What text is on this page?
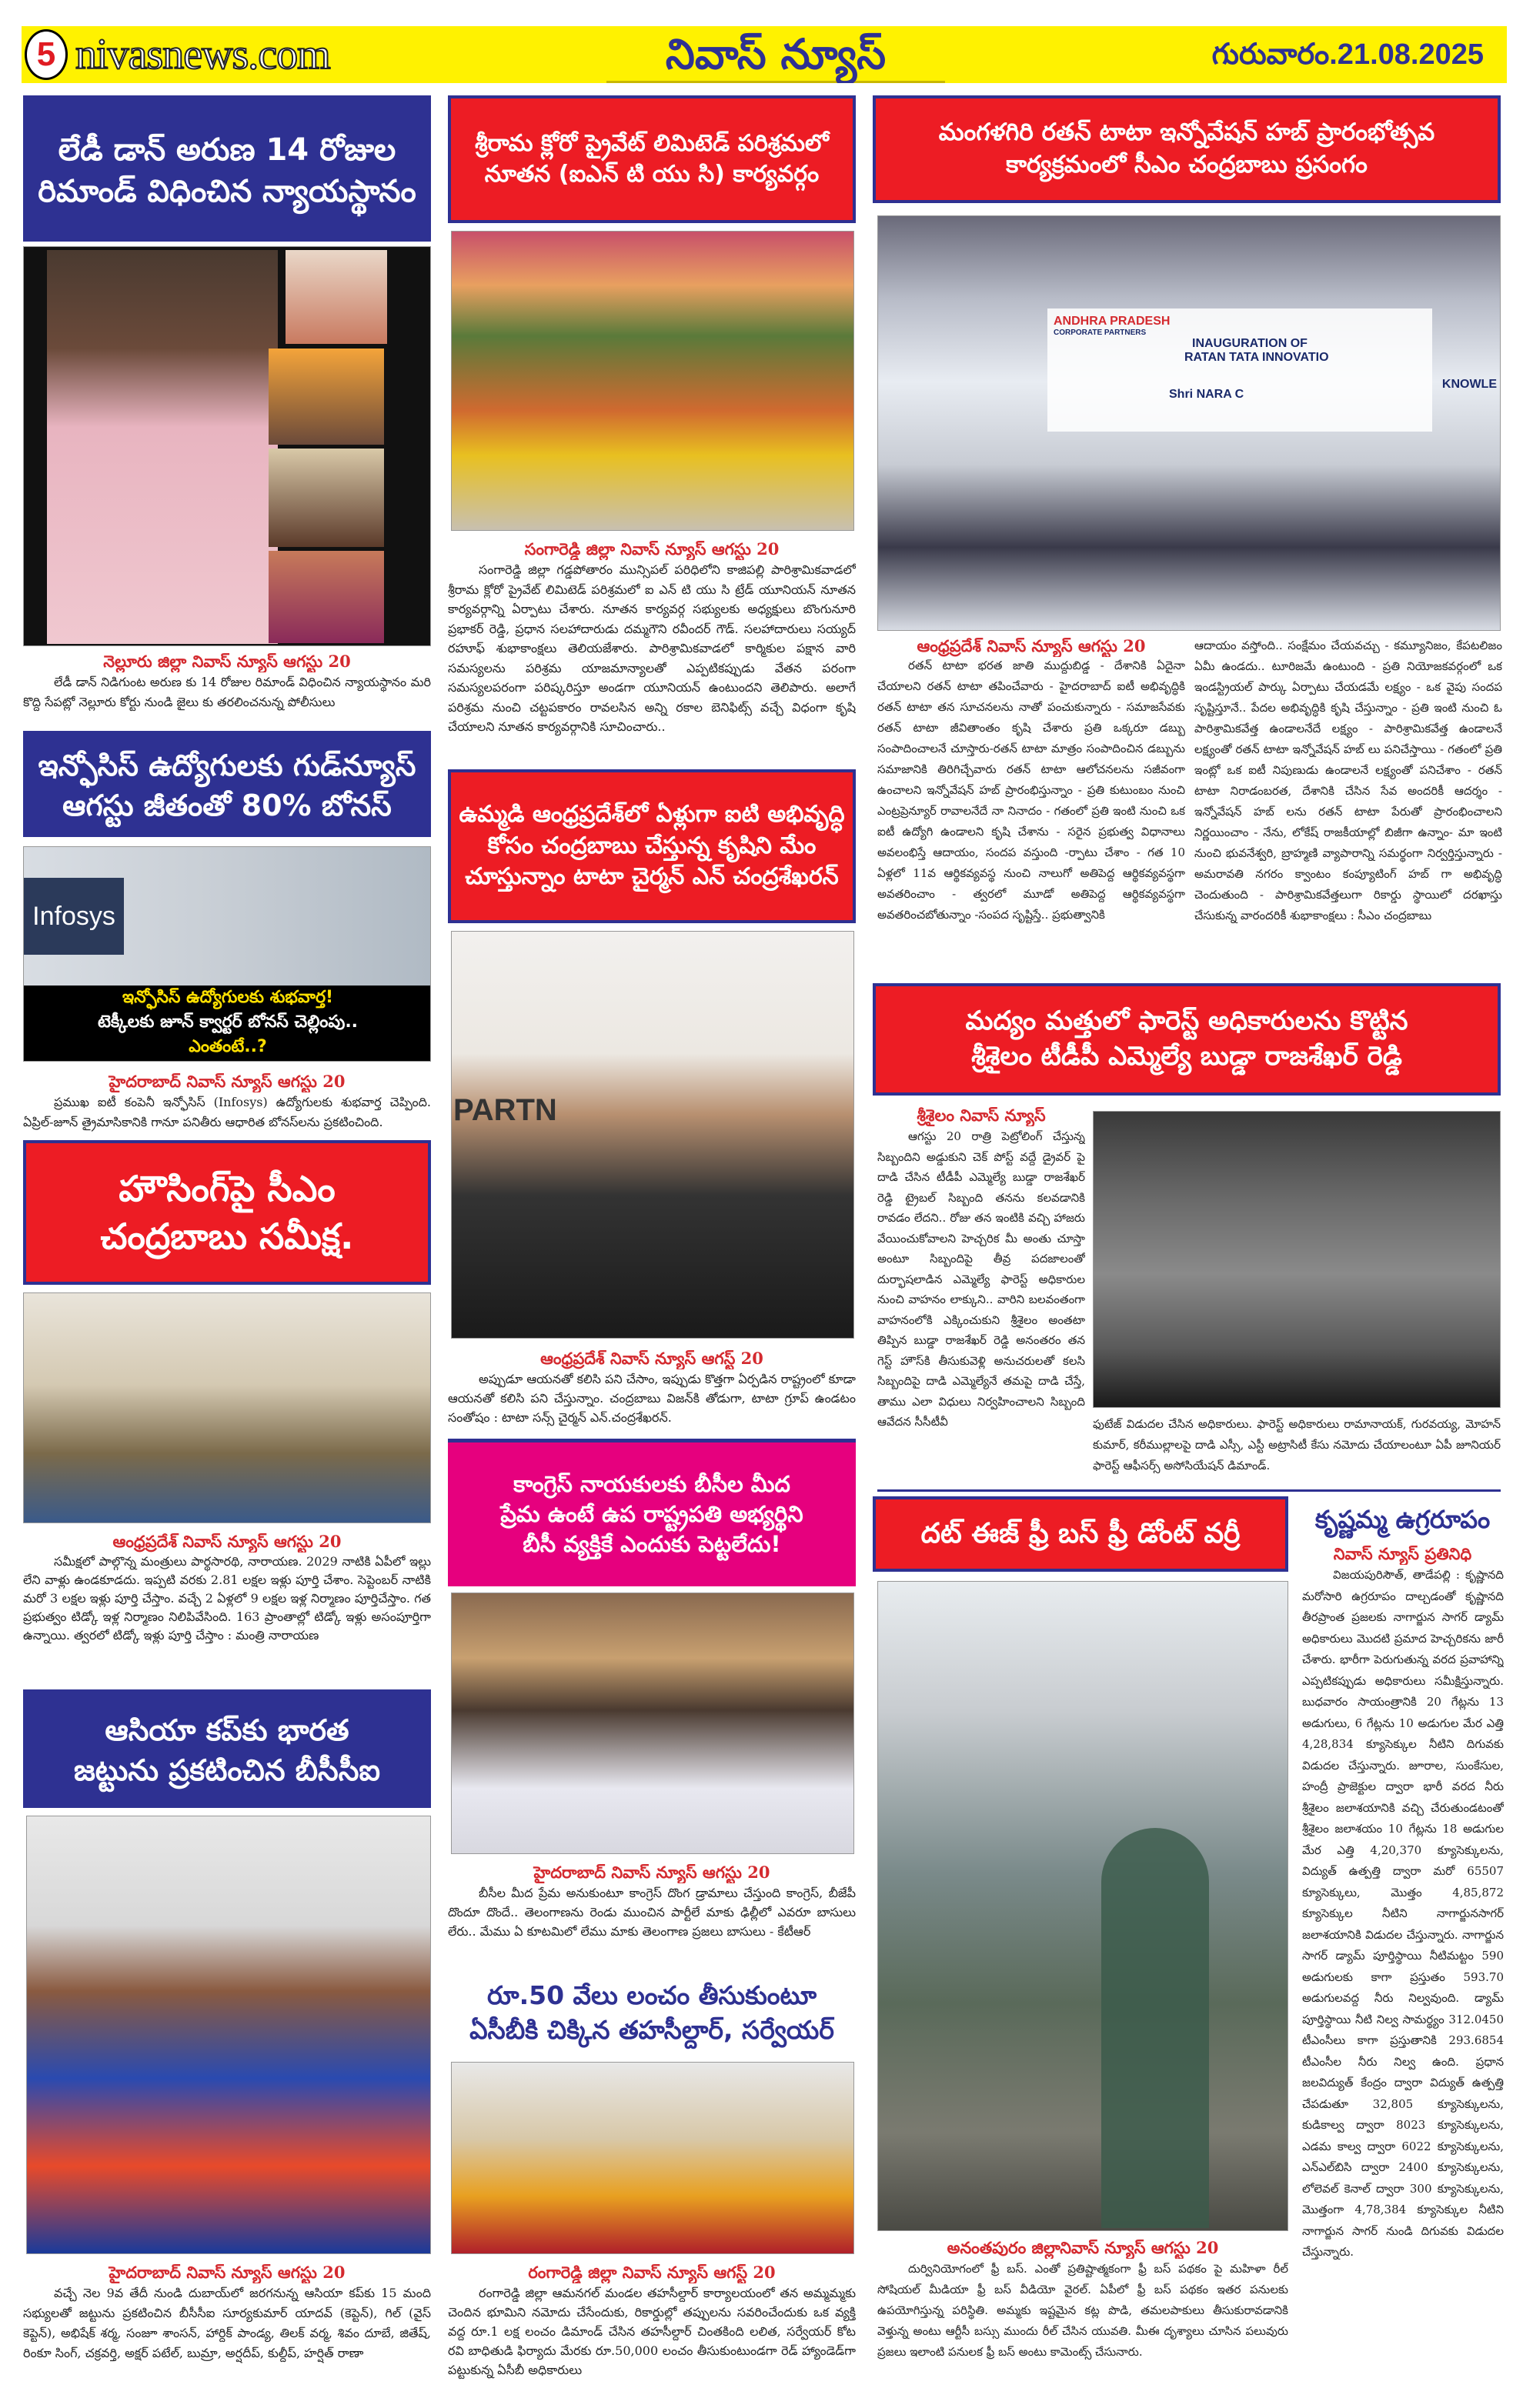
5 nivasnews.com	నివాస్ న్యూస్	గురువారం.21.08.2025
లేడీ డాన్ అరుణ 14 రోజుల
రిమాండ్ విధించిన న్యాయస్థానం
నెల్లూరు జిల్లా నివాస్ న్యూస్ ఆగస్టు 20
లేడీ డాన్ నిడిగుంట అరుణ కు 14 రోజుల రిమాండ్ విధించిన న్యాయస్థానం మరి కొద్ది సేపట్లో నెల్లూరు కోర్టు నుండి జైలు కు తరలించనున్న పోలీసులు
ఇన్ఫోసిస్ ఉద్యోగులకు గుడ్‌న్యూస్
ఆగస్టు జీతంతో 80% బోనస్
Infosys
ఇన్ఫోసిస్ ఉద్యోగులకు శుభవార్త!
టెక్కీలకు జూన్ క్వార్టర్ బోనస్ చెల్లింపు..
ఎంతంటే..?
హైదరాబాద్ నివాస్ న్యూస్ ఆగస్టు 20
ప్రముఖ ఐటీ కంపెనీ ఇన్ఫోసిస్ (Infosys) ఉద్యోగులకు శుభవార్త చెప్పింది. ఏప్రిల్-జూన్ త్రైమాసికానికి గానూ పనితీరు ఆధారిత బోనస్‌లను ప్రకటించింది.
హౌసింగ్‌పై సీఎం
చంద్రబాబు సమీక్ష.
ఆంధ్రప్రదేశ్ నివాస్ న్యూస్ ఆగస్టు 20
సమీక్షలో పాల్గొన్న మంత్రులు పార్థసారథి, నారాయణ. 2029 నాటికి ఏపీలో ఇల్లు లేని వాళ్లు ఉండకూడదు. ఇప్పటి వరకు 2.81 లక్షల ఇళ్లు పూర్తి చేశాం. సెప్టెంబర్ నాటికి మరో 3 లక్షల ఇళ్లు పూర్తి చేస్తాం. వచ్చే 2 ఏళ్లలో 9 లక్షల ఇళ్ల నిర్మాణం పూర్తిచేస్తాం. గత ప్రభుత్వం టిడ్కో ఇళ్ల నిర్మాణం నిలిపివేసింది. 163 ప్రాంతాల్లో టిడ్కో ఇళ్లు అసంపూర్తిగా ఉన్నాయి. త్వరలో టిడ్కో ఇళ్లు పూర్తి చేస్తాం : మంత్రి నారాయణ
ఆసియా కప్‌కు భారత
జట్టును ప్రకటించిన బీసీసీఐ
హైదరాబాద్ నివాస్ న్యూస్ ఆగస్టు 20
వచ్చే నెల 9వ తేదీ నుండి దుబాయ్‌లో జరగనున్న ఆసియా కప్‌కు 15 మంది సభ్యులతో జట్టును ప్రకటించిన బీసీసీఐ సూర్యకుమార్ యాదవ్ (కెప్టెన్), గిల్ (వైస్ కెప్టెన్), అభిషేక్ శర్మ, సంజూ శాంసన్, హార్దిక్ పాండ్య, తిలక్ వర్మ, శివం దూబే, జితేష్, రింకూ సింగ్, చక్రవర్తి, అక్షర్ పటేల్, బుమ్రా, అర్షదీప్, కుల్దీప్, హర్షిత్ రాణా
శ్రీరామ క్లోరో ప్రైవేట్ లిమిటెడ్ పరిశ్రమలో
నూతన (ఐఎన్ టి యు సి) కార్యవర్గం
సంగారెడ్డి జిల్లా నివాస్ న్యూస్ ఆగస్టు 20
సంగారెడ్డి జిల్లా గడ్డపోతారం మున్సిపల్ పరిధిలోని కాజిపల్లి పారిశ్రామికవాడలో శ్రీరామ క్లోరో ప్రైవేట్ లిమిటెడ్ పరిశ్రమలో ఐ ఎన్ టి యు సి ట్రేడ్ యూనియన్ నూతన కార్యవర్గాన్ని ఏర్పాటు చేశారు. నూతన కార్యవర్గ సభ్యులకు అధ్యక్షులు బొంగునూరి ప్రభాకర్ రెడ్డి, ప్రధాన సలహాదారుడు దమ్మగౌని రవీందర్ గౌడ్. సలహాదారులు సయ్యద్ రహూఫ్ శుభాకాంక్షలు తెలియజేశారు. పారిశ్రామికవాడలో కార్మికుల పక్షాన వారి సమస్యలను పరిశ్రమ యాజమాన్యాలతో ఎప్పటికప్పుడు వేతన పరంగా సమస్యలపరంగా పరిష్కరిస్తూ అండగా యూనియన్ ఉంటుందని తెలిపారు. అలాగే పరిశ్రమ నుంచి చట్టపకారం రావలసిన అన్ని రకాల బెనిఫిట్స్ వచ్చే విధంగా కృషి చేయాలని నూతన కార్యవర్గానికి సూచించారు..
ఉమ్మడి ఆంధ్రప్రదేశ్‌లో ఏళ్లుగా ఐటి అభివృద్ధి
కోసం చంద్రబాబు చేస్తున్న కృషిని మేం
చూస్తున్నాం టాటా చైర్మన్ ఎన్ చంద్రశేఖరన్
PARTN
ఆంధ్రప్రదేశ్ నివాస్ న్యూస్ ఆగస్ట్ 20
అప్పుడూ ఆయనతో కలిసి పని చేసాం, ఇప్పుడు కొత్తగా ఏర్పడిన రాష్ట్రంలో కూడా ఆయనతో కలిసి పని చేస్తున్నాం. చంద్రబాబు విజన్‌కి తోడుగా, టాటా గ్రూప్ ఉండటం సంతోషం : టాటా సన్స్ చైర్మన్ ఎన్.చంద్రశేఖరన్.
కాంగ్రెస్ నాయకులకు బీసీల మీద
ప్రేమ ఉంటే ఉప రాష్ట్రపతి అభ్యర్థిని
బీసీ వ్యక్తికే ఎందుకు పెట్టలేదు!
హైదరాబాద్ నివాస్ న్యూస్ ఆగస్టు 20
బీసీల మీద ప్రేమ అనుకుంటూ కాంగ్రెస్ దొంగ డ్రామాలు చేస్తుంది కాంగ్రెస్, బీజేపీ దొందూ దొందే.. తెలంగాణను రెండు ముంచిన పార్టీలే మాకు ఢిల్లీలో ఎవరూ బాసులు లేరు.. మేము ఏ కూటమిలో లేము మాకు తెలంగాణ ప్రజలు బాసులు - కేటీఆర్
రూ.50 వేలు లంచం తీసుకుంటూ
ఏసీబీకి చిక్కిన తహసీల్దార్, సర్వేయర్
రంగారెడ్డి జిల్లా నివాస్ న్యూస్ ఆగస్ట్ 20
రంగారెడ్డి జిల్లా ఆమనగల్ మండల తహసీల్దార్ కార్యాలయంలో తన అమ్మమ్మకు చెందిన భూమిని నమోదు చేసేందుకు, రికార్డుల్లో తప్పులను సవరించేందుకు ఒక వ్యక్తి వద్ద రూ.1 లక్ష లంచం డిమాండ్ చేసిన తహసీల్దార్ చింతకింది లలిత, సర్వేయర్ కోట రవి బాధితుడి ఫిర్యాదు మేరకు రూ.50,000 లంచం తీసుకుంటుండగా రెడ్ హ్యాండెడ్‌గా పట్టుకున్న ఏసీబీ అధికారులు
మంగళగిరి రతన్ టాటా ఇన్నోవేషన్ హబ్ ప్రారంభోత్సవ
కార్యక్రమంలో సీఎం చంద్రబాబు ప్రసంగం
ANDHRA PRADESH
CORPORATE PARTNERS
INAUGURATION OF
RATAN TATA INNOVATIO
Shri NARA C
KNOWLE
ఆంధ్రప్రదేశ్ నివాస్ న్యూస్ ఆగస్టు 20
రతన్ టాటా భరత జాతి ముద్దుబిడ్డ - దేశానికి ఏదైనా చేయాలని రతన్ టాటా తపించేవారు - హైదరాబాద్ ఐటీ అభివృద్ధికి రతన్ టాటా తన సూచనలను నాతో పంచుకున్నారు - సమాజసేవకు రతన్ టాటా జీవితాంతం కృషి చేశారు ప్రతి ఒక్కరూ డబ్బు సంపాదించాలనే చూస్తారు-రతన్ టాటా మాత్రం సంపాదించిన డబ్బును సమాజానికి తిరిగిచ్చేవారు రతన్ టాటా ఆలోచనలను సజీవంగా ఉంచాలని ఇన్నోవేషన్ హబ్ ప్రారంభిస్తున్నాం - ప్రతి కుటుంబం నుంచి ఎంట్రప్రెన్యూర్ రావాలనేదే నా నినాదం - గతంలో ప్రతి ఇంటి నుంచి ఒక ఐటీ ఉద్యోగి ఉండాలని కృషి చేశాను - సరైన ప్రభుత్వ విధానాలు అవలంభిస్తే ఆదాయం, సందప వస్తుంది -ర్పాటు చేశాం - గత 10 ఏళ్లలో 11వ ఆర్థికవ్యవస్థ నుంచి నాలుగో అతిపెద్ద ఆర్థికవ్యవస్థగా అవతరించాం - త్వరలో మూడో అతిపెద్ద ఆర్థికవ్యవస్థగా అవతరించబోతున్నాం -సంపద సృష్టిస్తే.. ప్రభుత్వానికి
ఆదాయం వస్తోంది.. సంక్షేమం చేయవచ్చు - కమ్యూనిజం, కేపటలిజం ఏమీ ఉండదు.. టూరిజమే ఉంటుంది - ప్రతి నియోజకవర్గంలో ఒక ఇండస్ట్రియల్ పార్కు ఏర్పాటు చేయడమే లక్ష్యం - ఒక వైపు సందప సృష్టిస్తూనే.. పేదల అభివృద్ధికి కృషి చేస్తున్నాం - ప్రతి ఇంటి నుంచి ఓ పారిశ్రామికవేత్త ఉండాలనేదే లక్ష్యం - పారిశ్రామికవేత్త ఉండాలనే లక్ష్యంతో రతన్ టాటా ఇన్నోవేషన్ హబ్ లు పనిచేస్తాయి - గతంలో ప్రతి ఇంట్లో ఒక ఐటీ నిపుణుడు ఉండాలనే లక్ష్యంతో పనిచేశాం - రతన్ టాటా నిరాడంబరత, దేశానికి చేసిన సేవ అందరికీ ఆదర్శం - ఇన్నోవేషన్ హబ్ లను రతన్ టాటా పేరుతో ప్రారంభించాలని నిర్ణయించాం - నేను, లోకేష్ రాజకీయాల్లో బిజీగా ఉన్నాం- మా ఇంటి నుంచి భువనేశ్వరి, బ్రాహ్మణి వ్యాపారాన్ని సమర్థంగా నిర్వర్తిస్తున్నారు - అమరావతి నగరం క్వాంటం కంప్యూటింగ్ హబ్ గా అభివృద్ధి చెందుతుంది - పారిశ్రామికవేత్తలుగా రికార్డు స్థాయిలో దరఖాస్తు చేసుకున్న వారందరికీ శుభాకాంక్షలు : సీఎం చంద్రబాబు
మద్యం మత్తులో ఫారెస్ట్ అధికారులను కొట్టిన
శ్రీశైలం టీడీపీ ఎమ్మెల్యే బుడ్డా రాజశేఖర్ రెడ్డి
శ్రీశైలం నివాస్ న్యూస్
ఆగస్టు 20 రాత్రి పెట్రోలింగ్ చేస్తున్న సిబ్బందిని అడ్డుకుని చెక్ పోస్ట్ వద్దే డ్రైవర్ పై దాడి చేసిన టీడీపీ ఎమ్మెల్యే బుడ్డా రాజశేఖర్ రెడ్డి ట్రైబల్ సిబ్బంది తనను కలవడానికి రావడం లేదని.. రోజు తన ఇంటికి వచ్చి హాజరు వేయించుకోవాలని హెచ్చరిక మీ అంతు చూస్తా అంటూ సిబ్బందిపై తీవ్ర పదజాలంతో దుర్భాషలాడిన ఎమ్మెల్యే ఫారెస్ట్ అధికారుల నుంచి వాహనం లాక్కుని.. వారిని బలవంతంగా వాహనంలోకి ఎక్కించుకుని శ్రీశైలం అంతటా తిప్పిన బుడ్డా రాజశేఖర్ రెడ్డి అనంతరం తన గెస్ట్ హౌస్‌కి తీసుకువెళ్లి అనుచరులతో కలసి సిబ్బందిపై దాడి ఎమ్మెల్యేనే తమపై దాడి చేస్తే, తాము ఎలా విధులు నిర్వహించాలని సిబ్బంది ఆవేదన సీసీటీవీ	ఫుటేజ్ విడుదల చేసిన అధికారులు. ఫారెస్ట్ అధికారులు రామానాయక్, గురవయ్య, మోహన్ కుమార్, కరీముల్లాలపై దాడి ఎస్సీ, ఎస్టీ అట్రాసిటీ కేసు నమోదు చేయాలంటూ ఏపీ జూనియర్ ఫారెస్ట్ ఆఫీసర్స్ అసోసియేషన్ డిమాండ్.
దట్ ఈజ్ ఫ్రీ బస్ ఫ్రీ డోంట్ వర్రీ
అనంతపురం జిల్లానివాస్ న్యూస్ ఆగస్టు 20
దుర్వినియోగంలో ఫ్రీ బస్. ఎంతో ప్రతిష్టాత్మకంగా ఫ్రీ బస్ పథకం పై మహిళా రీల్ సోషియల్ మీడియా ఫ్రీ బస్ వీడియో వైరల్. ఏపీలో ఫ్రీ బస్ పథకం ఇతర పనులకు ఉపయోగిస్తున్న పరిస్థితి. అమ్మకు ఇష్టమైన కట్ల పొడి, తమలపాకులు తీసుకురావడానికి వెళ్తున్న అంటు ఆర్టీసీ బస్సు ముందు రీల్ చేసిన యువతి. మీఈ దృశ్యాలు చూసిన పలువురు ప్రజలు ఇలాంటి పనులక ఫ్రీ బస్ అంటు కామెంట్స్ చేసునారు.
కృష్ణమ్మ ఉగ్రరూపం
నివాస్ న్యూస్ ప్రతినిధి
విజయపురిసౌత్, తాడేపల్లి : కృష్ణానది మరోసారి ఉగ్రరూపం దాల్చడంతో కృష్ణానది తీరప్రాంత ప్రజలకు నాగార్జున సాగర్ డ్యామ్ అధికారులు మొదటి ప్రమాద హెచ్చరికను జారీ చేశారు. భారీగా పెరుగుతున్న వరద ప్రవాహాన్ని ఎప్పటికప్పుడు అధికారులు సమీక్షిస్తున్నారు. బుధవారం సాయంత్రానికి 20 గేట్లను 13 అడుగులు, 6 గేట్లను 10 అడుగుల మేర ఎత్తి 4,28,834 క్యూసెక్కుల నీటిని దిగువకు విడుదల చేస్తున్నారు. జూరాల, సుంకేసుల, హంద్రీ ప్రాజెక్టుల ద్వారా భారీ వరద నీరు శ్రీశైలం జలాశయానికి వచ్చి చేరుతుండటంతో శ్రీశైలం జలాశయం 10 గేట్లను 18 అడుగుల మేర ఎత్తి 4,20,370 క్యూసెక్కులను, విద్యుత్ ఉత్పత్తి ద్వారా మరో 65507 క్యూసెక్కులు, మొత్తం 4,85,872 క్యూసెక్కుల నీటిని నాగార్జునసాగర్ జలాశయానికి విడుదల చేస్తున్నారు. నాగార్జున సాగర్ డ్యామ్ పూర్తిస్థాయి నీటిమట్టం 590 అడుగులకు కాగా ప్రస్తుతం 593.70 అడుగులవద్ద నీరు నిల్వవుంది. డ్యామ్ పూర్తిస్థాయి నీటి నిల్వ సామర్థ్యం 312.0450 టీఎంసీలు కాగా ప్రస్తుతానికి 293.6854 టీఎంసీల నీరు నిల్వ ఉంది. ప్రధాన జలవిద్యుత్ కేంద్రం ద్వారా విద్యుత్ ఉత్పత్తి చేపడుతూ 32,805 క్యూసెక్కులను, కుడికాల్వ ద్వారా 8023 క్యూసెక్కులను, ఎడమ కాల్వ ద్వారా 6022 క్యూసెక్కులను, ఎన్ఎల్‌బిసి ద్వారా 2400 క్యూసెక్కులను, లోలెవల్ కెనాల్ ద్వారా 300 క్యూసెక్కులను, మొత్తంగా 4,78,384 క్యూసెక్కుల నీటిని నాగార్జున సాగర్ నుండి దిగువకు విడుదల చేస్తున్నారు.
